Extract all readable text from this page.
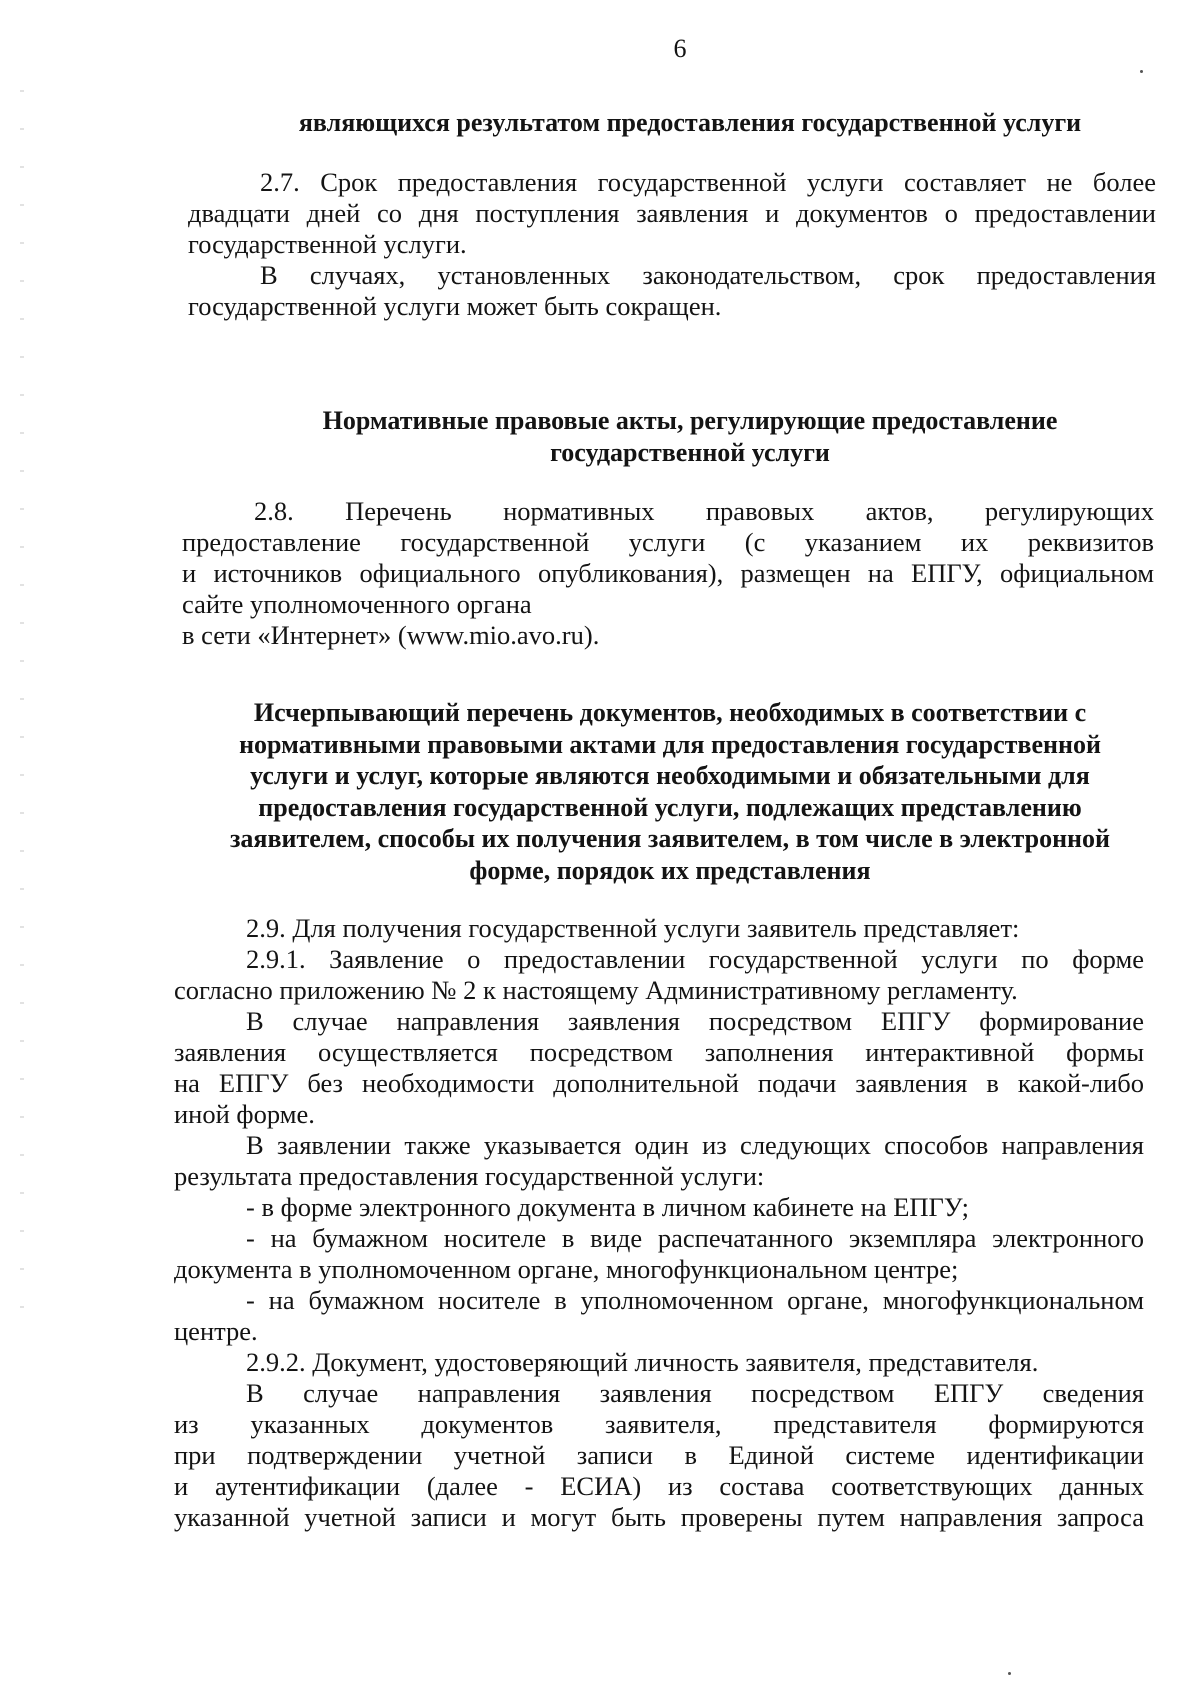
6
являющихся результатом предоставления государственной услуги
2.7. Срок предоставления государственной услуги составляет не более
двадцати дней со дня поступления заявления и документов о предоставлении
государственной услуги.
В случаях, установленных законодательством, срок предоставления
государственной услуги может быть сокращен.
Нормативные правовые акты, регулирующие предоставление
государственной услуги
2.8. Перечень нормативных правовых актов, регулирующих
предоставление государственной услуги (с указанием их реквизитов
и источников официального опубликования), размещен на ЕПГУ, официальном
сайте уполномоченного органа
в сети «Интернет» (www.mio.avo.ru).
Исчерпывающий перечень документов, необходимых в соответствии с
нормативными правовыми актами для предоставления государственной
услуги и услуг, которые являются необходимыми и обязательными для
предоставления государственной услуги, подлежащих представлению
заявителем, способы их получения заявителем, в том числе в электронной
форме, порядок их представления
2.9. Для получения государственной услуги заявитель представляет:
2.9.1. Заявление о предоставлении государственной услуги по форме
согласно приложению № 2 к настоящему Административному регламенту.
В случае направления заявления посредством ЕПГУ формирование
заявления осуществляется посредством заполнения интерактивной формы
на ЕПГУ без необходимости дополнительной подачи заявления в какой-либо
иной форме.
В заявлении также указывается один из следующих способов направления
результата предоставления государственной услуги:
- в форме электронного документа в личном кабинете на ЕПГУ;
- на бумажном носителе в виде распечатанного экземпляра электронного
документа в уполномоченном органе, многофункциональном центре;
- на бумажном носителе в уполномоченном органе, многофункциональном
центре.
2.9.2. Документ, удостоверяющий личность заявителя, представителя.
В случае направления заявления посредством ЕПГУ сведения
из указанных документов заявителя, представителя формируются
при подтверждении учетной записи в Единой системе идентификации
и аутентификации (далее - ЕСИА) из состава соответствующих данных
указанной учетной записи и могут быть проверены путем направления запроса
